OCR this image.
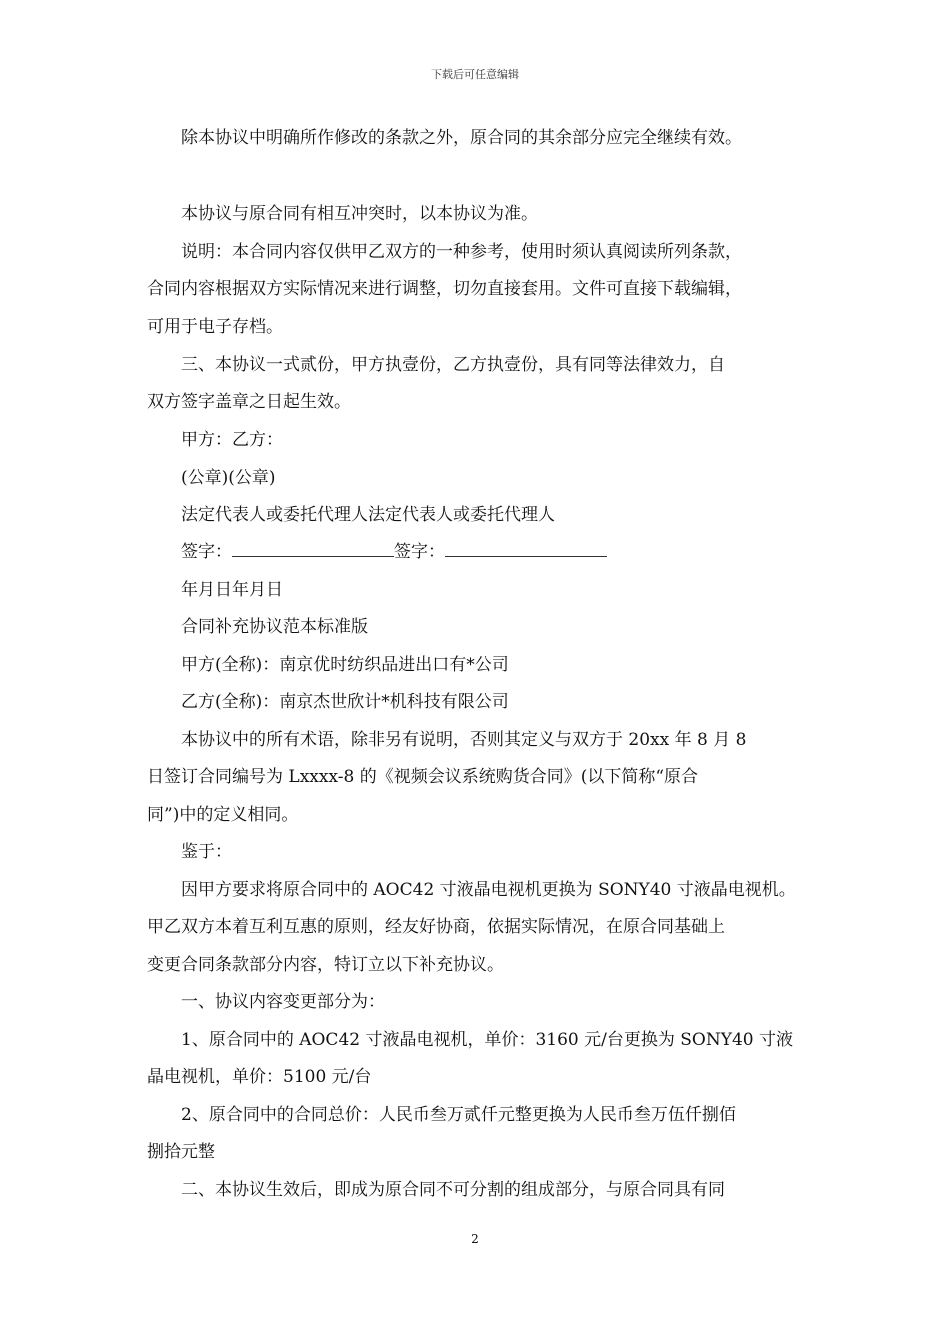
下载后可任意编辑
除本协议中明确所作修改的条款之外，原合同的其余部分应完全继续有效。
本协议与原合同有相互冲突时，以本协议为准。
说明：本合同内容仅供甲乙双方的一种参考，使用时须认真阅读所列条款，
合同内容根据双方实际情况来进行调整，切勿直接套用。文件可直接下载编辑，
可用于电子存档。
三、本协议一式贰份，甲方执壹份，乙方执壹份，具有同等法律效力，自
双方签字盖章之日起生效。
甲方：乙方：
(公章)(公章)
法定代表人或委托代理人法定代表人或委托代理人
签字：	签字：
年月日年月日
合同补充协议范本标准版
甲方(全称)：南京优时纺织品进出口有*公司
乙方(全称)：南京杰世欣计*机科技有限公司
本协议中的所有术语，除非另有说明，否则其定义与双方于 20xx 年 8 月 8
日签订合同编号为 Lxxxx-8 的《视频会议系统购货合同》(以下简称“原合
同”)中的定义相同。
鉴于：
因甲方要求将原合同中的 AOC42 寸液晶电视机更换为 SONY40 寸液晶电视机。
甲乙双方本着互利互惠的原则，经友好协商，依据实际情况，在原合同基础上
变更合同条款部分内容，特订立以下补充协议。
一、协议内容变更部分为：
1、原合同中的 AOC42 寸液晶电视机，单价：3160 元/台更换为 SONY40 寸液
晶电视机，单价：5100 元/台
2、原合同中的合同总价：人民币叁万贰仟元整更换为人民币叁万伍仟捌佰
捌拾元整
二、本协议生效后，即成为原合同不可分割的组成部分，与原合同具有同
2
